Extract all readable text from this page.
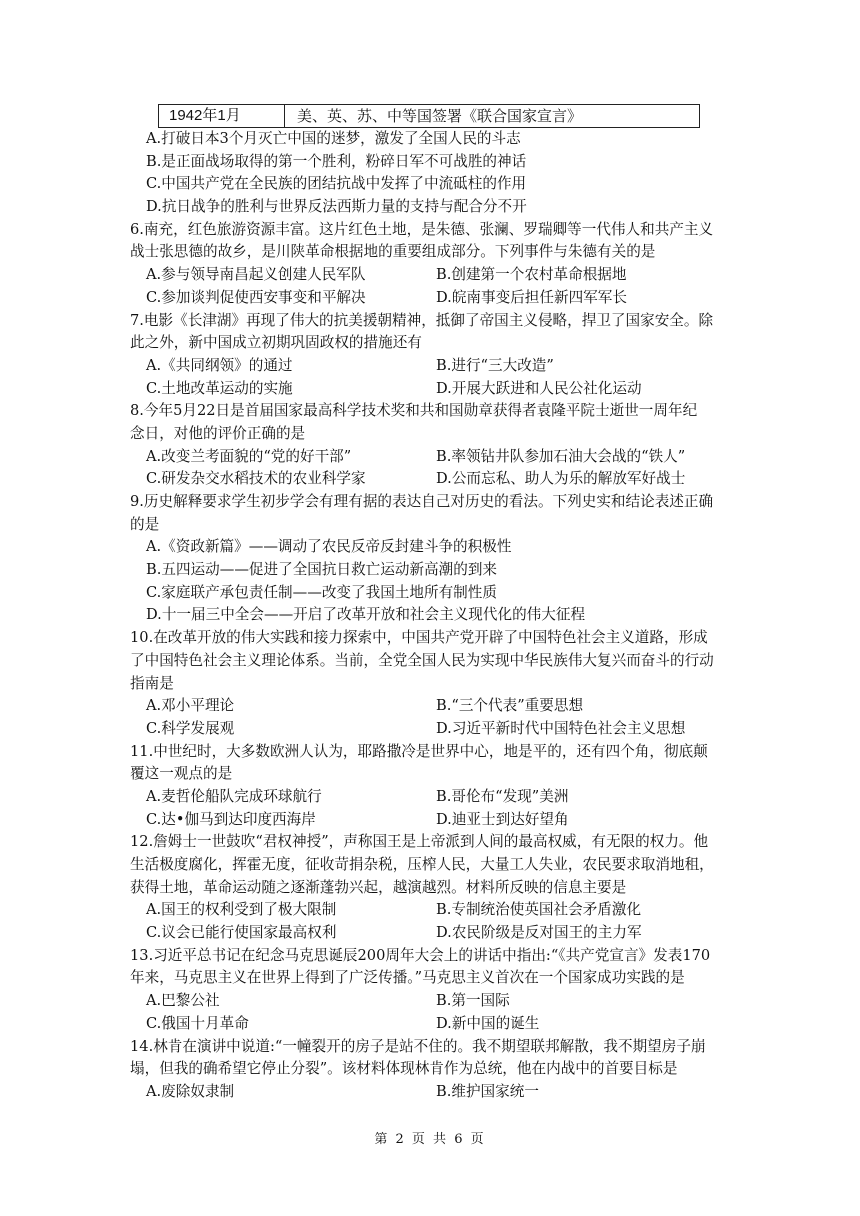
1942年1月	美、英、苏、中等国签署《联合国家宣言》
A.打破日本3个月灭亡中国的迷梦，激发了全国人民的斗志
B.是正面战场取得的第一个胜利，粉碎日军不可战胜的神话
C.中国共产党在全民族的团结抗战中发挥了中流砥柱的作用
D.抗日战争的胜利与世界反法西斯力量的支持与配合分不开
6.南充，红色旅游资源丰富。这片红色土地，是朱德、张澜、罗瑞卿等一代伟人和共产主义
战士张思德的故乡，是川陕革命根据地的重要组成部分。下列事件与朱德有关的是
A.参与领导南昌起义创建人民军队	B.创建第一个农村革命根据地
C.参加谈判促使西安事变和平解决	D.皖南事变后担任新四军军长
7.电影《长津湖》再现了伟大的抗美援朝精神，抵御了帝国主义侵略，捍卫了国家安全。除
此之外，新中国成立初期巩固政权的措施还有
A.《共同纲领》的通过	B.进行“三大改造”
C.土地改革运动的实施	D.开展大跃进和人民公社化运动
8.今年5月22日是首届国家最高科学技术奖和共和国勋章获得者袁隆平院士逝世一周年纪
念日，对他的评价正确的是
A.改变兰考面貌的“党的好干部”	B.率领钻井队参加石油大会战的“铁人”
C.研发杂交水稻技术的农业科学家	D.公而忘私、助人为乐的解放军好战士
9.历史解释要求学生初步学会有理有据的表达自己对历史的看法。下列史实和结论表述正确
的是
A.《资政新篇》——调动了农民反帝反封建斗争的积极性
B.五四运动——促进了全国抗日救亡运动新高潮的到来
C.家庭联产承包责任制——改变了我国土地所有制性质
D.十一届三中全会——开启了改革开放和社会主义现代化的伟大征程
10.在改革开放的伟大实践和接力探索中，中国共产党开辟了中国特色社会主义道路，形成
了中国特色社会主义理论体系。当前，全党全国人民为实现中华民族伟大复兴而奋斗的行动
指南是
A.邓小平理论	B.“三个代表”重要思想
C.科学发展观	D.习近平新时代中国特色社会主义思想
11.中世纪时，大多数欧洲人认为，耶路撒冷是世界中心，地是平的，还有四个角，彻底颠
覆这一观点的是
A.麦哲伦船队完成环球航行	B.哥伦布“发现”美洲
C.达•伽马到达印度西海岸	D.迪亚士到达好望角
12.詹姆士一世鼓吹“君权神授”，声称国王是上帝派到人间的最高权威，有无限的权力。他
生活极度腐化，挥霍无度，征收苛捐杂税，压榨人民，大量工人失业，农民要求取消地租，
获得土地，革命运动随之逐渐蓬勃兴起，越演越烈。材料所反映的信息主要是
A.国王的权利受到了极大限制	B.专制统治使英国社会矛盾激化
C.议会已能行使国家最高权利	D.农民阶级是反对国王的主力军
13.习近平总书记在纪念马克思诞辰200周年大会上的讲话中指出:“《共产党宣言》发表170
年来，马克思主义在世界上得到了广泛传播。”马克思主义首次在一个国家成功实践的是
A.巴黎公社	B.第一国际
C.俄国十月革命	D.新中国的诞生
14.林肯在演讲中说道:“一幢裂开的房子是站不住的。我不期望联邦解散，我不期望房子崩
塌，但我的确希望它停止分裂”。该材料体现林肯作为总统，他在内战中的首要目标是
A.废除奴隶制	B.维护国家统一
第 2 页 共 6 页
